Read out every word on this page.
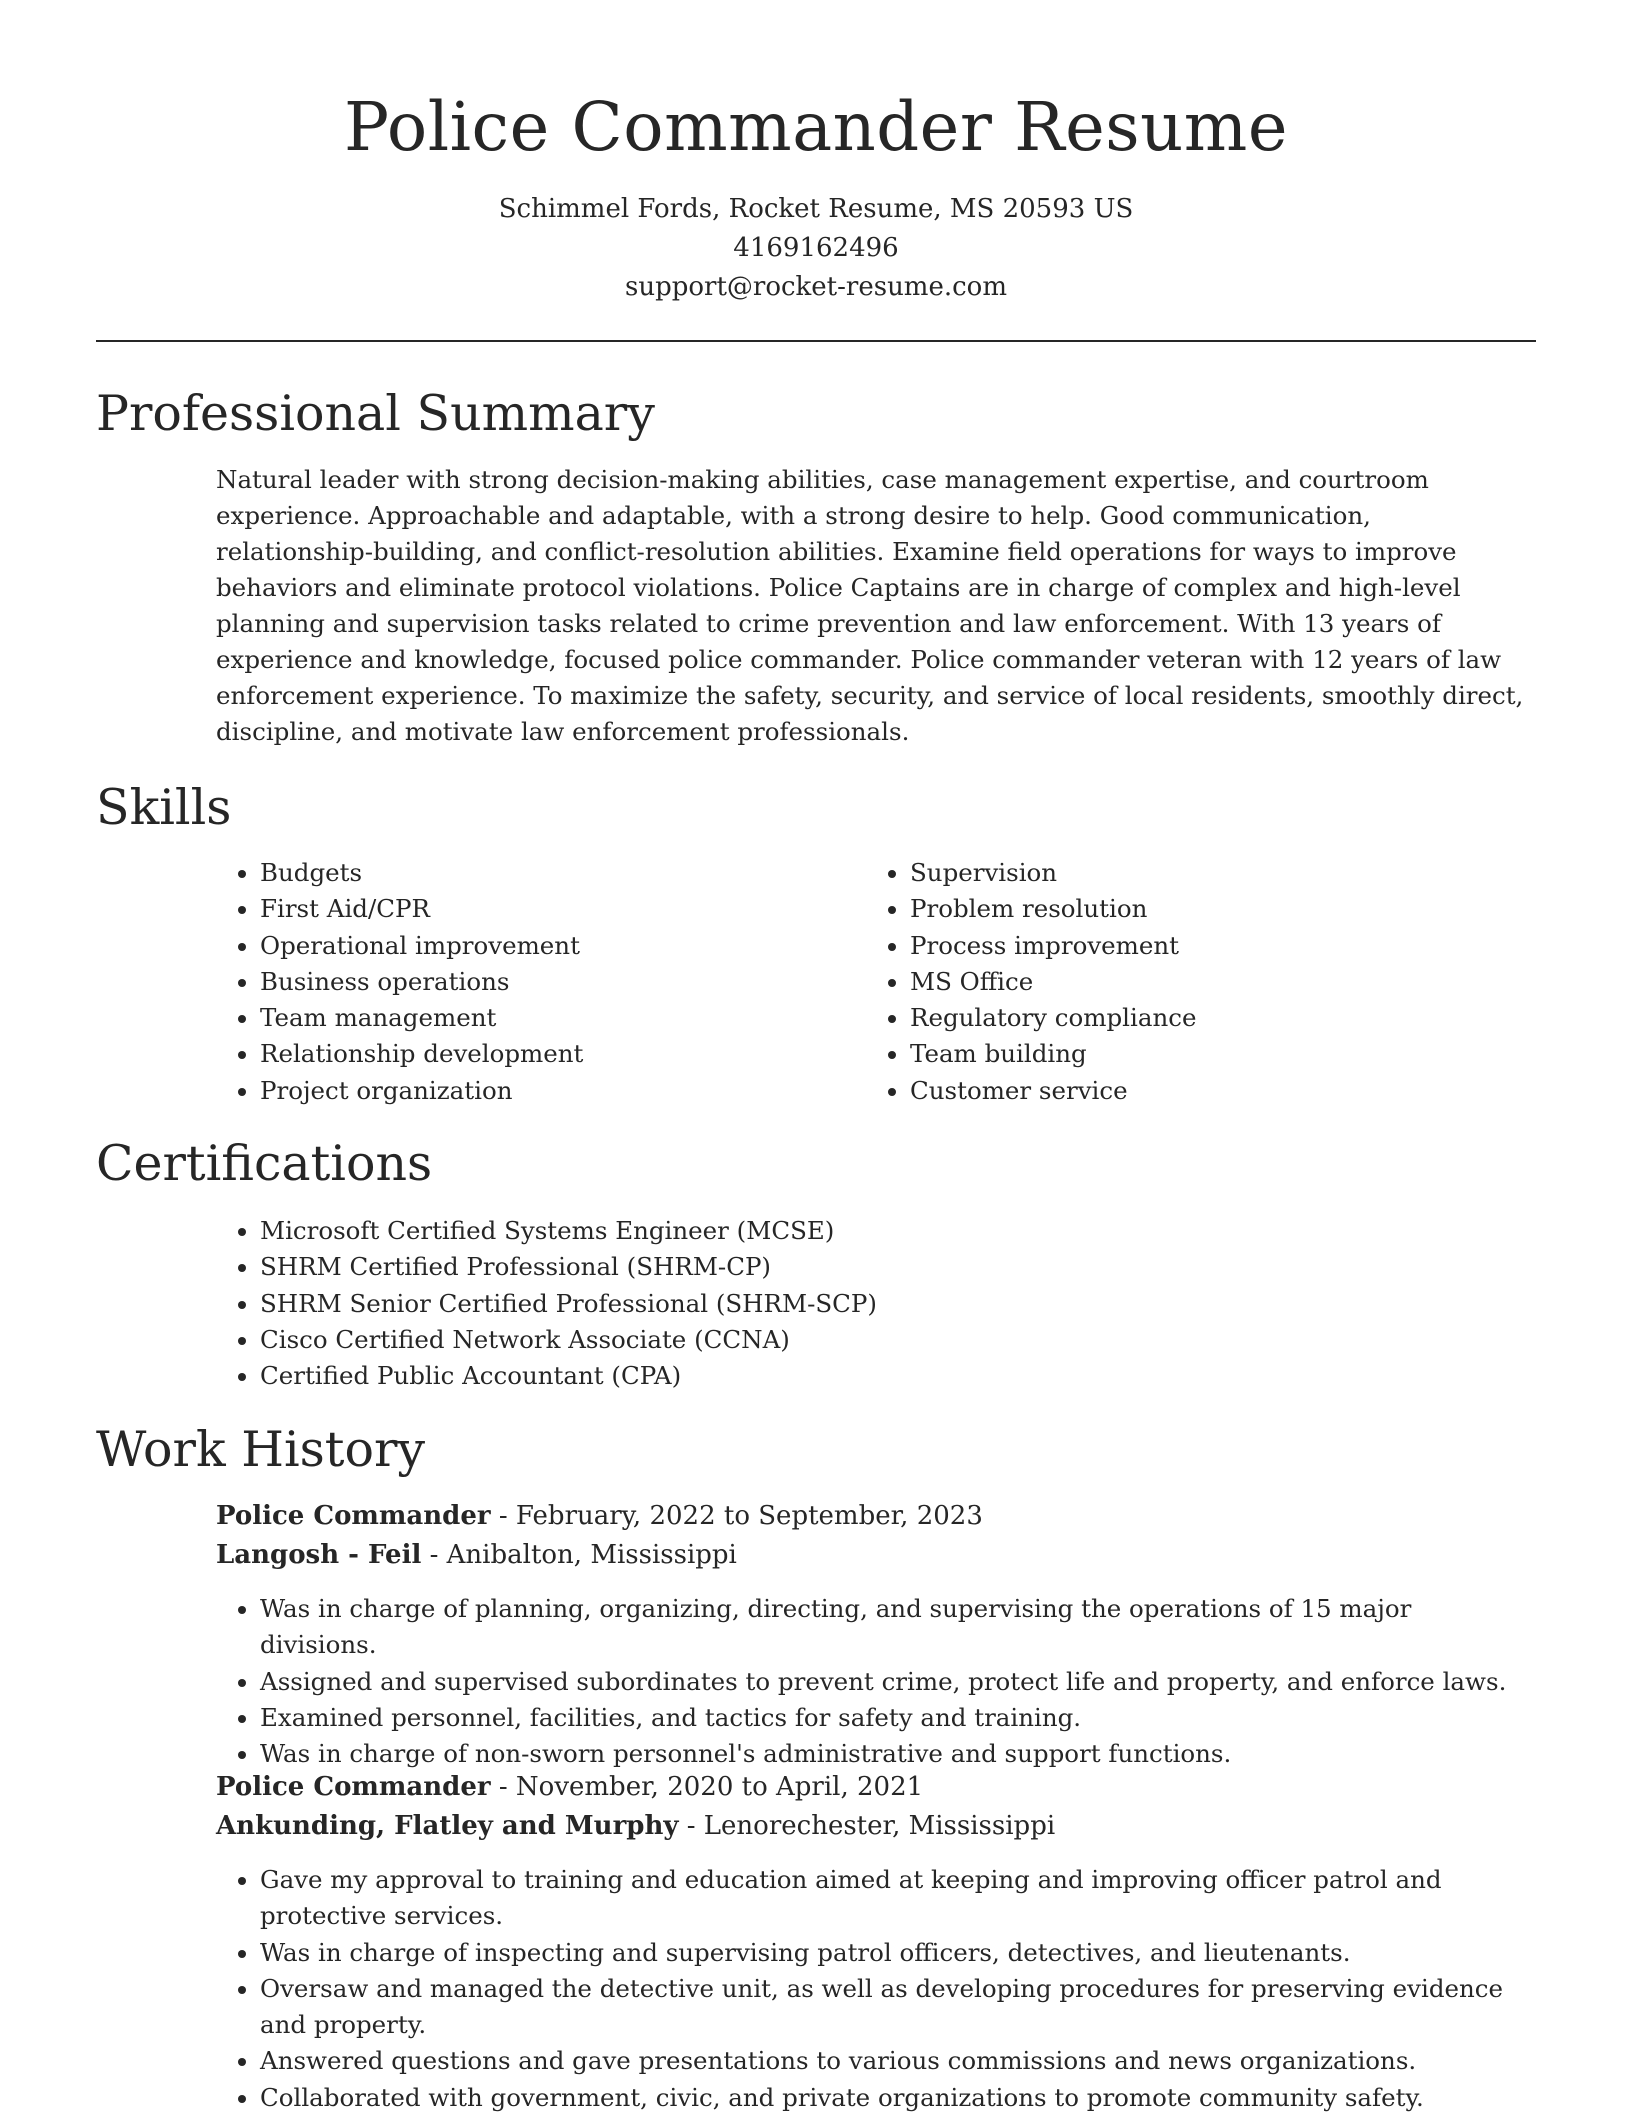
Police Commander Resume
Schimmel Fords, Rocket Resume, MS 20593 US
4169162496
support@rocket-resume.com
Professional Summary
Natural leader with strong decision-making abilities, case management expertise, and courtroom experience. Approachable and adaptable, with a strong desire to help. Good communication, relationship-building, and conflict-resolution abilities. Examine field operations for ways to improve behaviors and eliminate protocol violations. Police Captains are in charge of complex and high-level planning and supervision tasks related to crime prevention and law enforcement. With 13 years of experience and knowledge, focused police commander. Police commander veteran with 12 years of law enforcement experience. To maximize the safety, security, and service of local residents, smoothly direct, discipline, and motivate law enforcement professionals.
Skills
• Budgets
• First Aid/CPR
• Operational improvement
• Business operations
• Team management
• Relationship development
• Project organization
• Supervision
• Problem resolution
• Process improvement
• MS Office
• Regulatory compliance
• Team building
• Customer service
Certifications
• Microsoft Certified Systems Engineer (MCSE)
• SHRM Certified Professional (SHRM-CP)
• SHRM Senior Certified Professional (SHRM-SCP)
• Cisco Certified Network Associate (CCNA)
• Certified Public Accountant (CPA)
Work History
Police Commander - February, 2022 to September, 2023
Langosh - Feil - Anibalton, Mississippi
• Was in charge of planning, organizing, directing, and supervising the operations of 15 major divisions.
• Assigned and supervised subordinates to prevent crime, protect life and property, and enforce laws.
• Examined personnel, facilities, and tactics for safety and training.
• Was in charge of non-sworn personnel's administrative and support functions.
Police Commander - November, 2020 to April, 2021
Ankunding, Flatley and Murphy - Lenorechester, Mississippi
• Gave my approval to training and education aimed at keeping and improving officer patrol and protective services.
• Was in charge of inspecting and supervising patrol officers, detectives, and lieutenants.
• Oversaw and managed the detective unit, as well as developing procedures for preserving evidence and property.
• Answered questions and gave presentations to various commissions and news organizations.
• Collaborated with government, civic, and private organizations to promote community safety.
